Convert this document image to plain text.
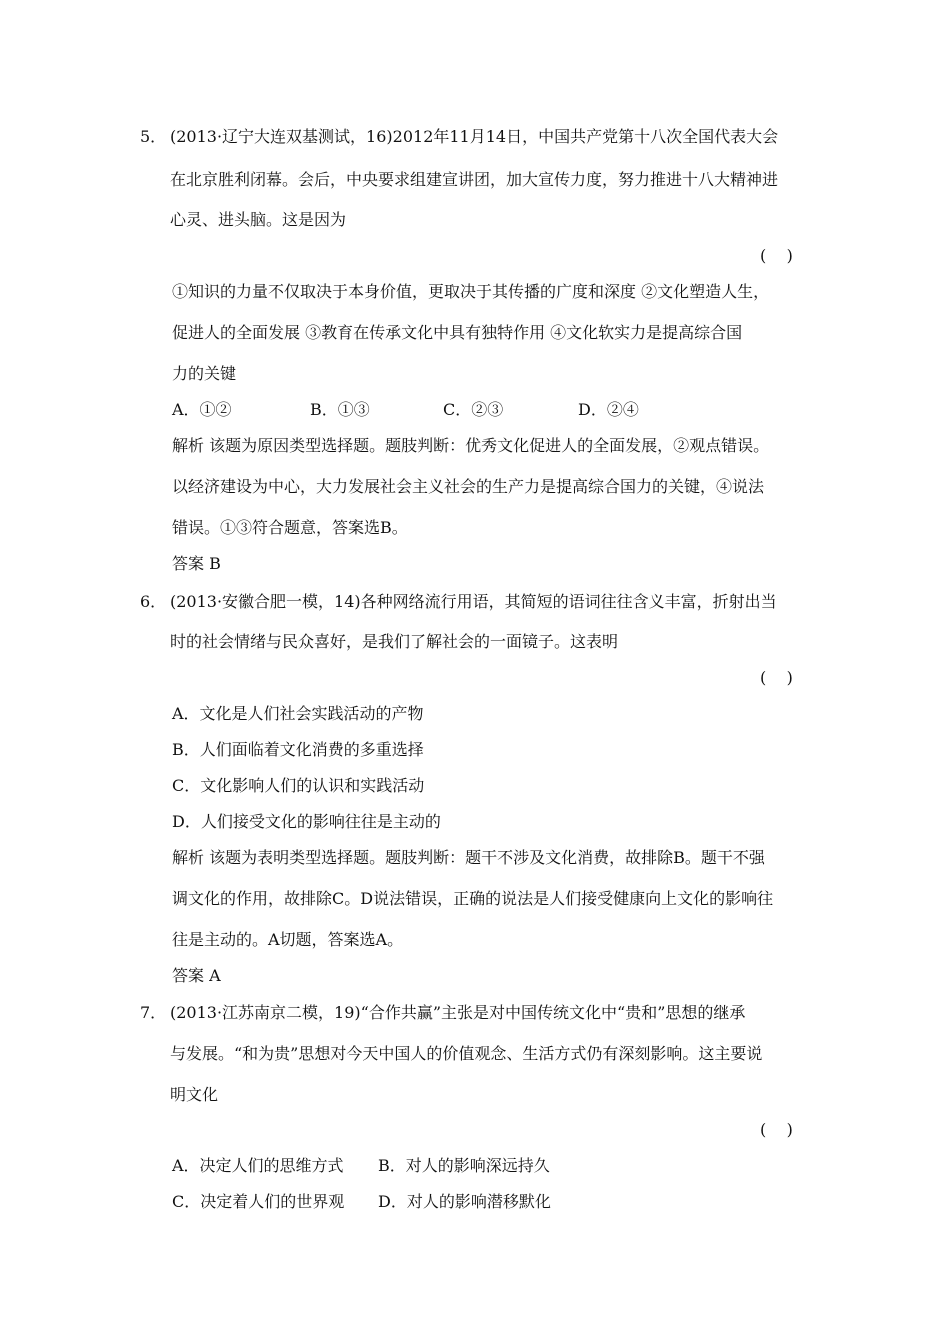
5． (2013·辽宁大连双基测试，16)2012年11月14日，中国共产党第十八次全国代表大会
在北京胜利闭幕。会后，中央要求组建宣讲团，加大宣传力度，努力推进十八大精神进
心灵、进头脑。这是因为
(    )
①知识的力量不仅取决于本身价值，更取决于其传播的广度和深度 ②文化塑造人生，
促进人的全面发展 ③教育在传承文化中具有独特作用 ④文化软实力是提高综合国
力的关键
A．①②	B．①③	C．②③	D．②④
解析 该题为原因类型选择题。题肢判断：优秀文化促进人的全面发展，②观点错误。
以经济建设为中心，大力发展社会主义社会的生产力是提高综合国力的关键，④说法
错误。①③符合题意，答案选B。
答案 B
6． (2013·安徽合肥一模，14)各种网络流行用语，其简短的语词往往含义丰富，折射出当
时的社会情绪与民众喜好，是我们了解社会的一面镜子。这表明
(    )
A．文化是人们社会实践活动的产物
B．人们面临着文化消费的多重选择
C．文化影响人们的认识和实践活动
D．人们接受文化的影响往往是主动的
解析 该题为表明类型选择题。题肢判断：题干不涉及文化消费，故排除B。题干不强
调文化的作用，故排除C。D说法错误，正确的说法是人们接受健康向上文化的影响往
往是主动的。A切题，答案选A。
答案 A
7． (2013·江苏南京二模，19)“合作共赢”主张是对中国传统文化中“贵和”思想的继承
与发展。“和为贵”思想对今天中国人的价值观念、生活方式仍有深刻影响。这主要说
明文化
(    )
A．决定人们的思维方式 B．对人的影响深远持久
C．决定着人们的世界观 D．对人的影响潜移默化
